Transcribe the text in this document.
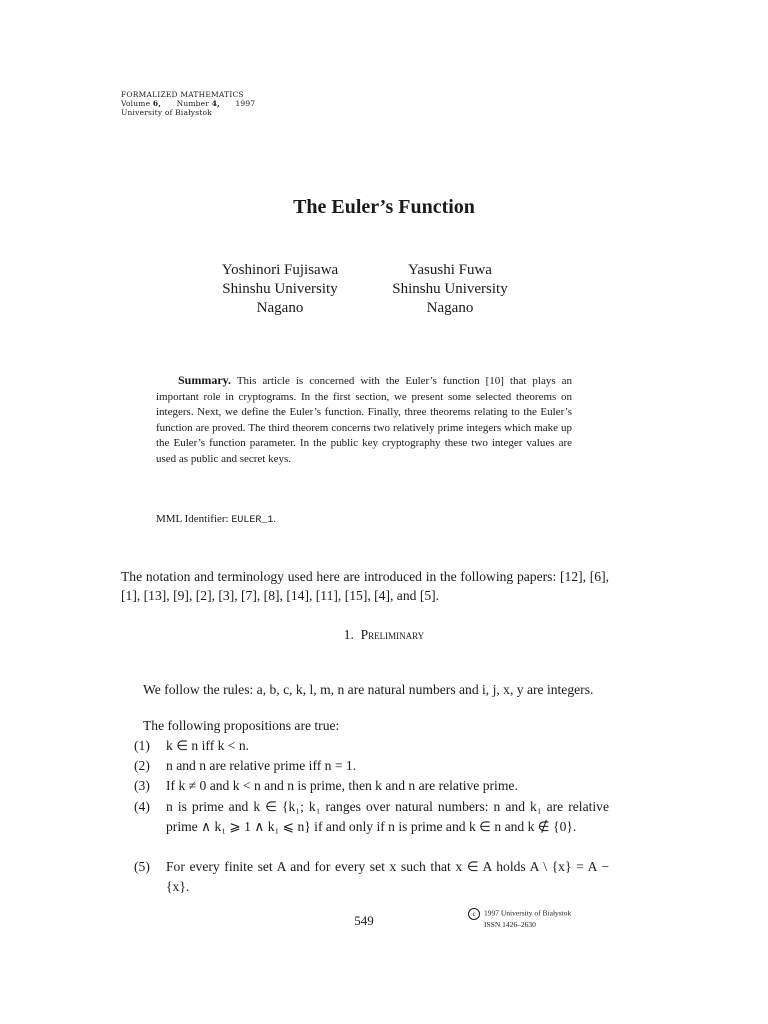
FORMALIZED MATHEMATICS
Volume 6, Number 4, 1997
University of Białystok
The Euler’s Function
Yoshinori Fujisawa
Shinshu University
Nagano
Yasushi Fuwa
Shinshu University
Nagano
Summary. This article is concerned with the Euler’s function [10] that plays an important role in cryptograms. In the first section, we present some selected theorems on integers. Next, we define the Euler’s function. Finally, three theorems relating to the Euler’s function are proved. The third theorem concerns two relatively prime integers which make up the Euler’s function parameter. In the public key cryptography these two integer values are used as public and secret keys.
MML Identifier: EULER_1.
The notation and terminology used here are introduced in the following papers: [12], [6], [1], [13], [9], [2], [3], [7], [8], [14], [11], [15], [4], and [5].
1. Preliminary
We follow the rules: a, b, c, k, l, m, n are natural numbers and i, j, x, y are integers.
The following propositions are true:
(1) k ∈ n iff k < n.
(2) n and n are relative prime iff n = 1.
(3) If k ≠ 0 and k < n and n is prime, then k and n are relative prime.
(4) n is prime and k ∈ {k₁; k₁ ranges over natural numbers: n and k₁ are relative prime ∧ k₁ ⩾ 1 ∧ k₁ ⩽ n} if and only if n is prime and k ∈ n and k ∉ {0}.
(5) For every finite set A and for every set x such that x ∈ A holds A \ {x} = A − {x}.
549	c 1997 University of Białystok
ISSN 1426–2630
